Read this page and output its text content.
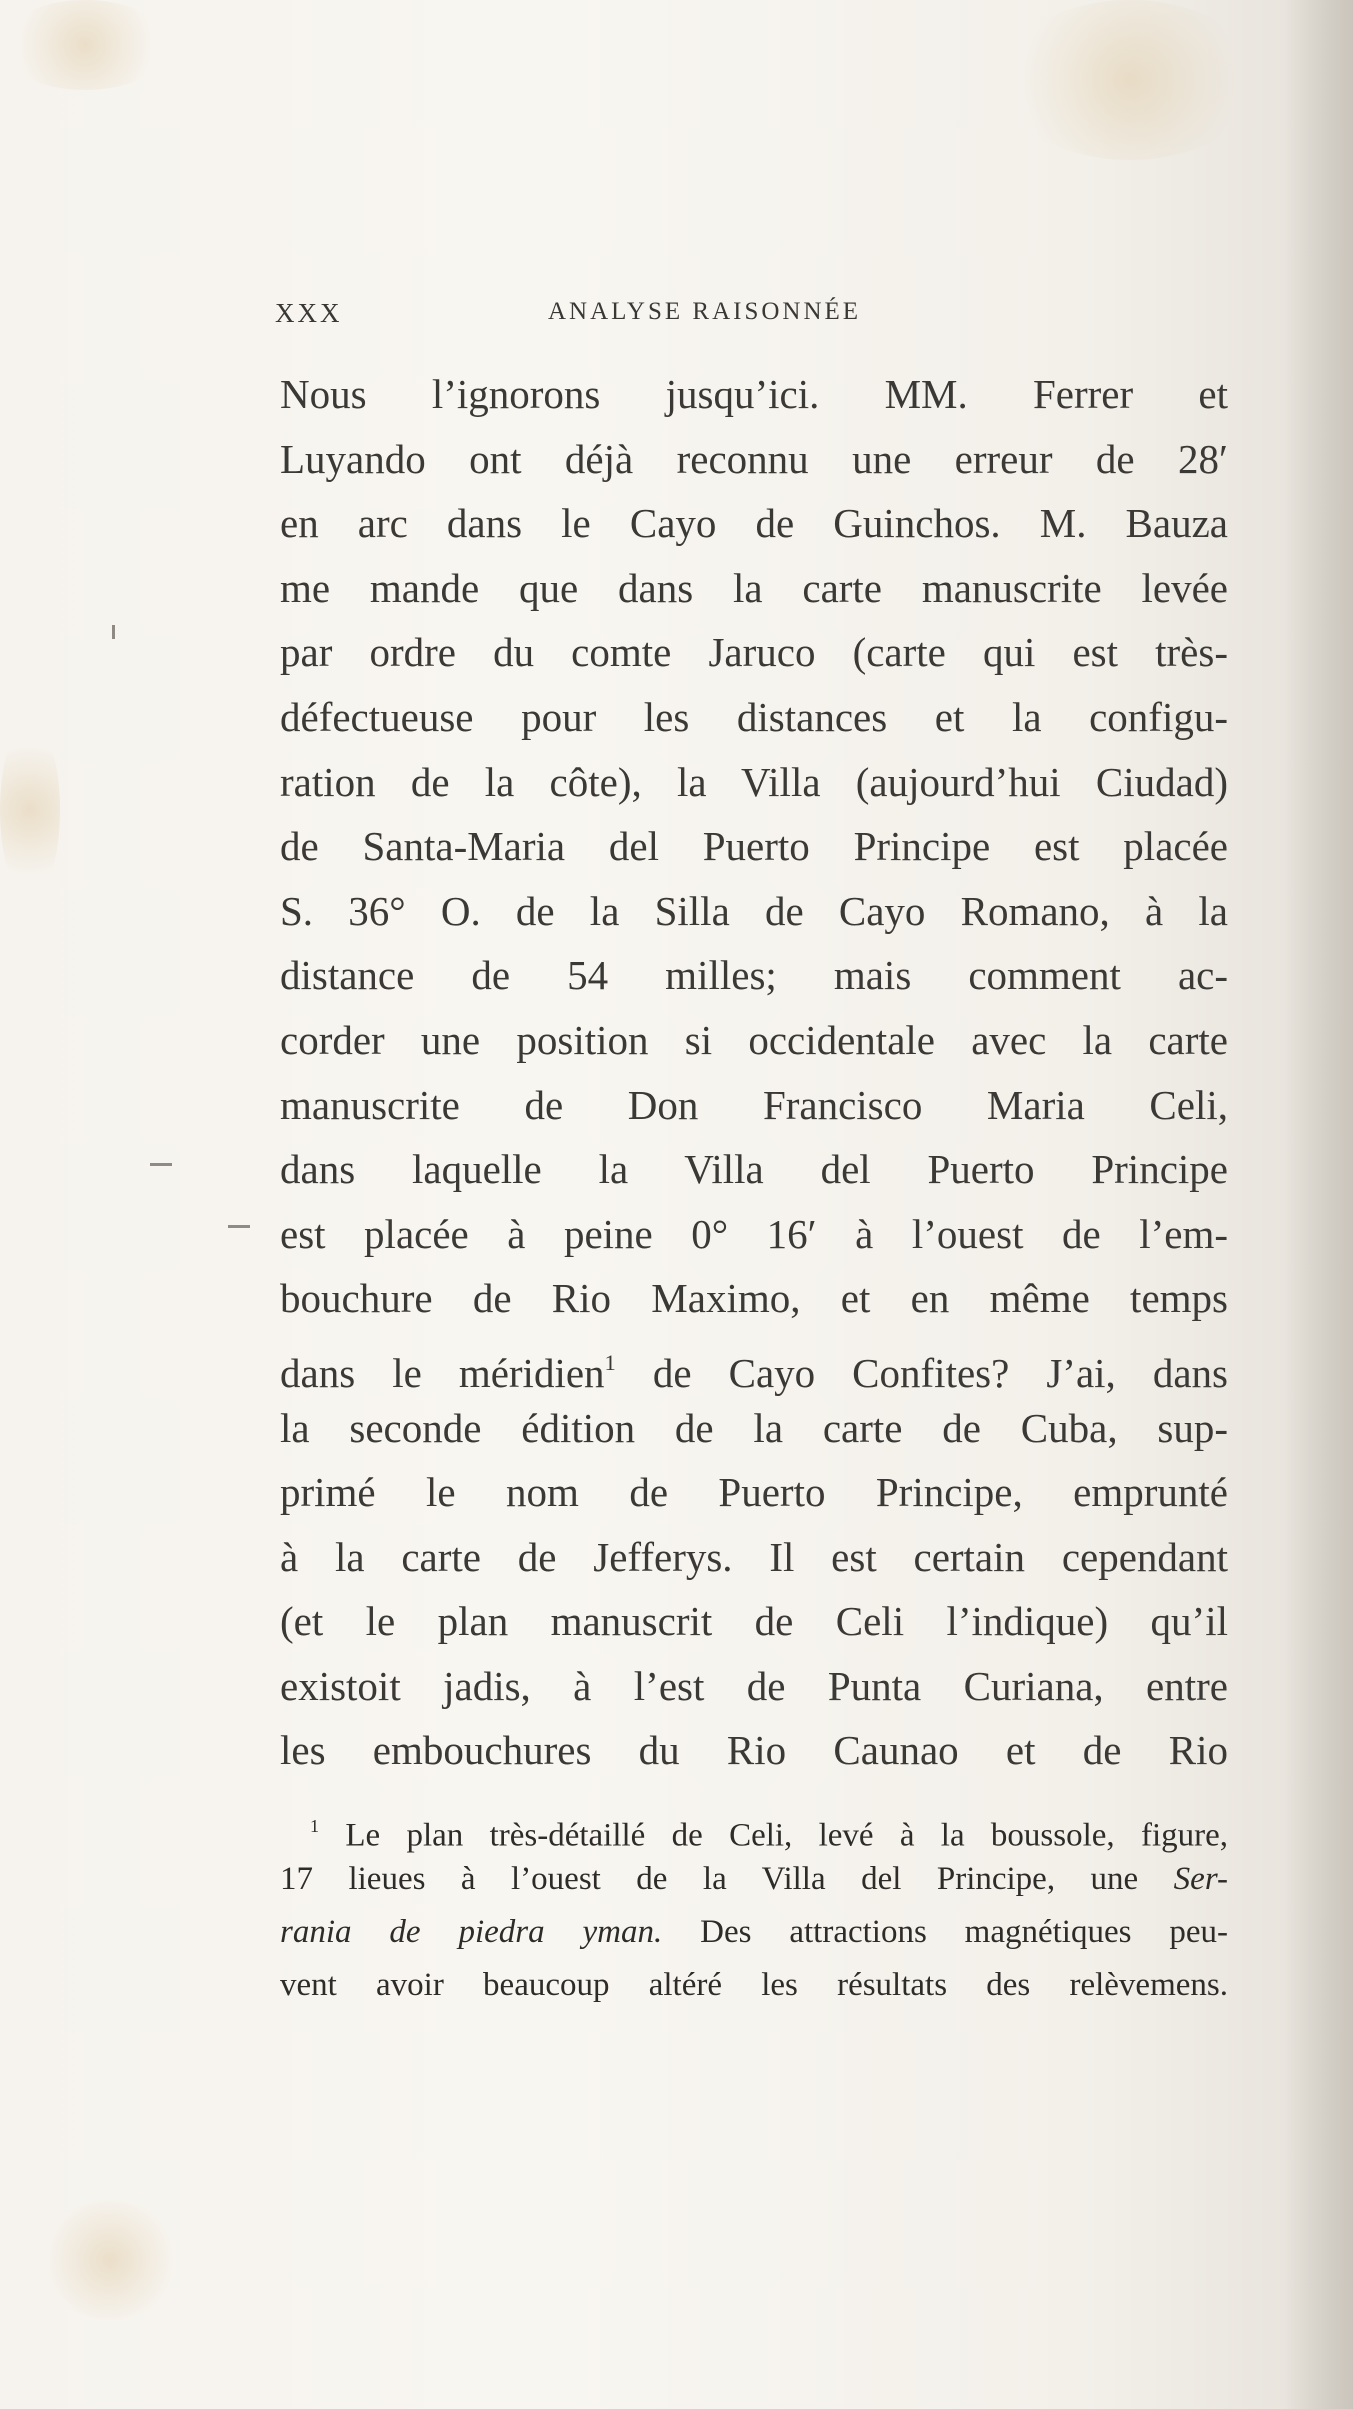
XXX	ANALYSE RAISONNÉE
Nous l’ignorons jusqu’ici. MM. Ferrer et
Luyando ont déjà reconnu une erreur de 28′
en arc dans le Cayo de Guinchos. M. Bauza
me mande que dans la carte manuscrite levée
par ordre du comte Jaruco (carte qui est très-
défectueuse pour les distances et la configu-
ration de la côte), la Villa (aujourd’hui Ciudad)
de Santa-Maria del Puerto Principe est placée
S. 36° O. de la Silla de Cayo Romano, à la
distance de 54 milles; mais comment ac-
corder une position si occidentale avec la carte
manuscrite de Don Francisco Maria Celi,
dans laquelle la Villa del Puerto Principe
est placée à peine 0° 16′ à l’ouest de l’em-
bouchure de Rio Maximo, et en même temps
dans le méridien$^1$ de Cayo Confites? J’ai, dans
la seconde édition de la carte de Cuba, sup-
primé le nom de Puerto Principe, emprunté
à la carte de Jefferys. Il est certain cependant
(et le plan manuscrit de Celi l’indique) qu’il
existoit jadis, à l’est de Punta Curiana, entre
les embouchures du Rio Caunao et de Rio
$^1$ Le plan très-détaillé de Celi, levé à la boussole, figure,
17 lieues à l’ouest de la Villa del Principe, une Ser-
rania de piedra yman. Des attractions magnétiques peu-
vent avoir beaucoup altéré les résultats des relèvemens.
